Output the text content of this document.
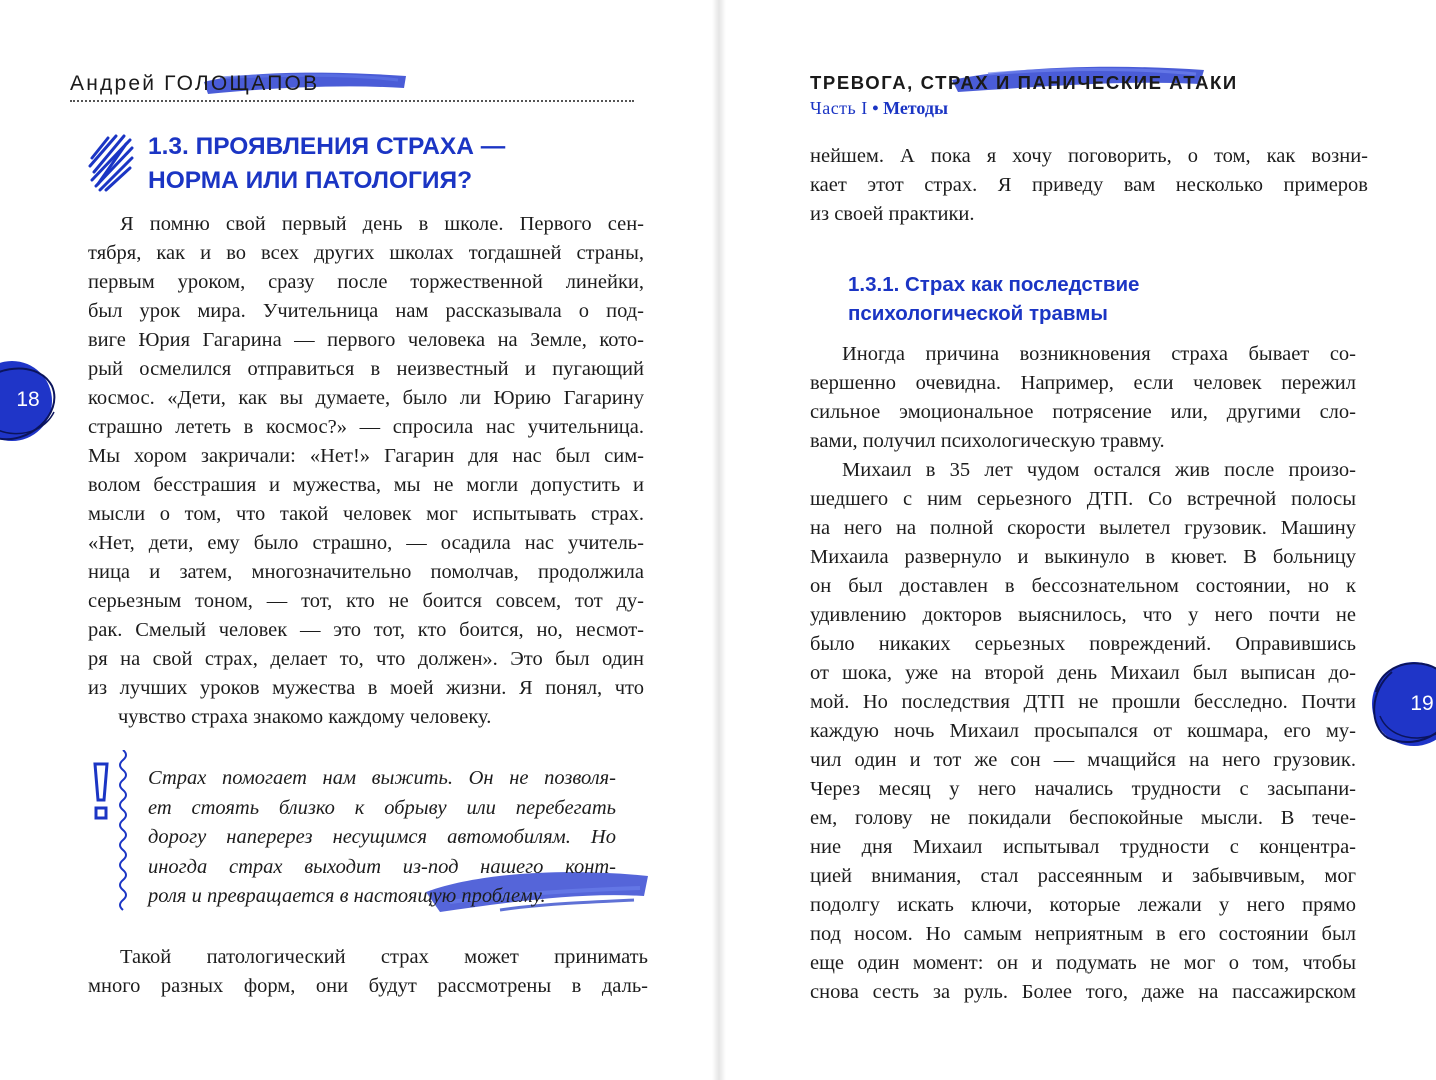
Андрей ГОЛОЩАПОВ
18
1.3. ПРОЯВЛЕНИЯ СТРАХА —
НОРМА ИЛИ ПАТОЛОГИЯ?
Я помню свой первый день в школе. Первого сен-
тября, как и во всех других школах тогдашней страны,
первым уроком, сразу после торжественной линейки,
был урок мира. Учительница нам рассказывала о под-
виге Юрия Гагарина — первого человека на Земле, кото-
рый осмелился отправиться в неизвестный и пугающий
космос. «Дети, как вы думаете, было ли Юрию Гагарину
страшно лететь в космос?» — спросила нас учительница.
Мы хором закричали: «Нет!» Гагарин для нас был сим-
волом бесстрашия и мужества, мы не могли допустить и
мысли о том, что такой человек мог испытывать страх.
«Нет, дети, ему было страшно, — осадила нас учитель-
ница и затем, многозначительно помолчав, продолжила
серьезным тоном, — тот, кто не боится совсем, тот ду-
рак. Смелый человек — это тот, кто боится, но, несмот-
ря на свой страх, делает то, что должен». Это был один
из лучших уроков мужества в моей жизни. Я понял, что
чувство страха знакомо каждому человеку.
Страх помогает нам выжить. Он не позволя-
ет стоять близко к обрыву или перебегать
дорогу наперерез несущимся автомобилям. Но
иногда страх выходит из-под нашего конт-
роля и превращается в настоящую проблему.
Такой патологический страх может принимать
много разных форм, они будут рассмотрены в даль-
ТРЕВОГА, СТРАХ И ПАНИЧЕСКИЕ АТАКИ
Часть I • Методы
нейшем. А пока я хочу поговорить, о том, как возни-
кает этот страх. Я приведу вам несколько примеров
из своей практики.
1.3.1. Страх как последствие
психологической травмы
Иногда причина возникновения страха бывает со-
вершенно очевидна. Например, если человек пережил
сильное эмоциональное потрясение или, другими сло-
вами, получил психологическую травму.
Михаил в 35 лет чудом остался жив после произо-
шедшего с ним серьезного ДТП. Со встречной полосы
на него на полной скорости вылетел грузовик. Машину
Михаила развернуло и выкинуло в кювет. В больницу
он был доставлен в бессознательном состоянии, но к
удивлению докторов выяснилось, что у него почти не
было никаких серьезных повреждений. Оправившись
от шока, уже на второй день Михаил был выписан до-
мой. Но последствия ДТП не прошли бесследно. Почти
каждую ночь Михаил просыпался от кошмара, его му-
чил один и тот же сон — мчащийся на него грузовик.
Через месяц у него начались трудности с засыпани-
ем, голову не покидали беспокойные мысли. В тече-
ние дня Михаил испытывал трудности с концентра-
цией внимания, стал рассеянным и забывчивым, мог
подолгу искать ключи, которые лежали у него прямо
под носом. Но самым неприятным в его состоянии был
еще один момент: он и подумать не мог о том, чтобы
снова сесть за руль. Более того, даже на пассажирском
19
